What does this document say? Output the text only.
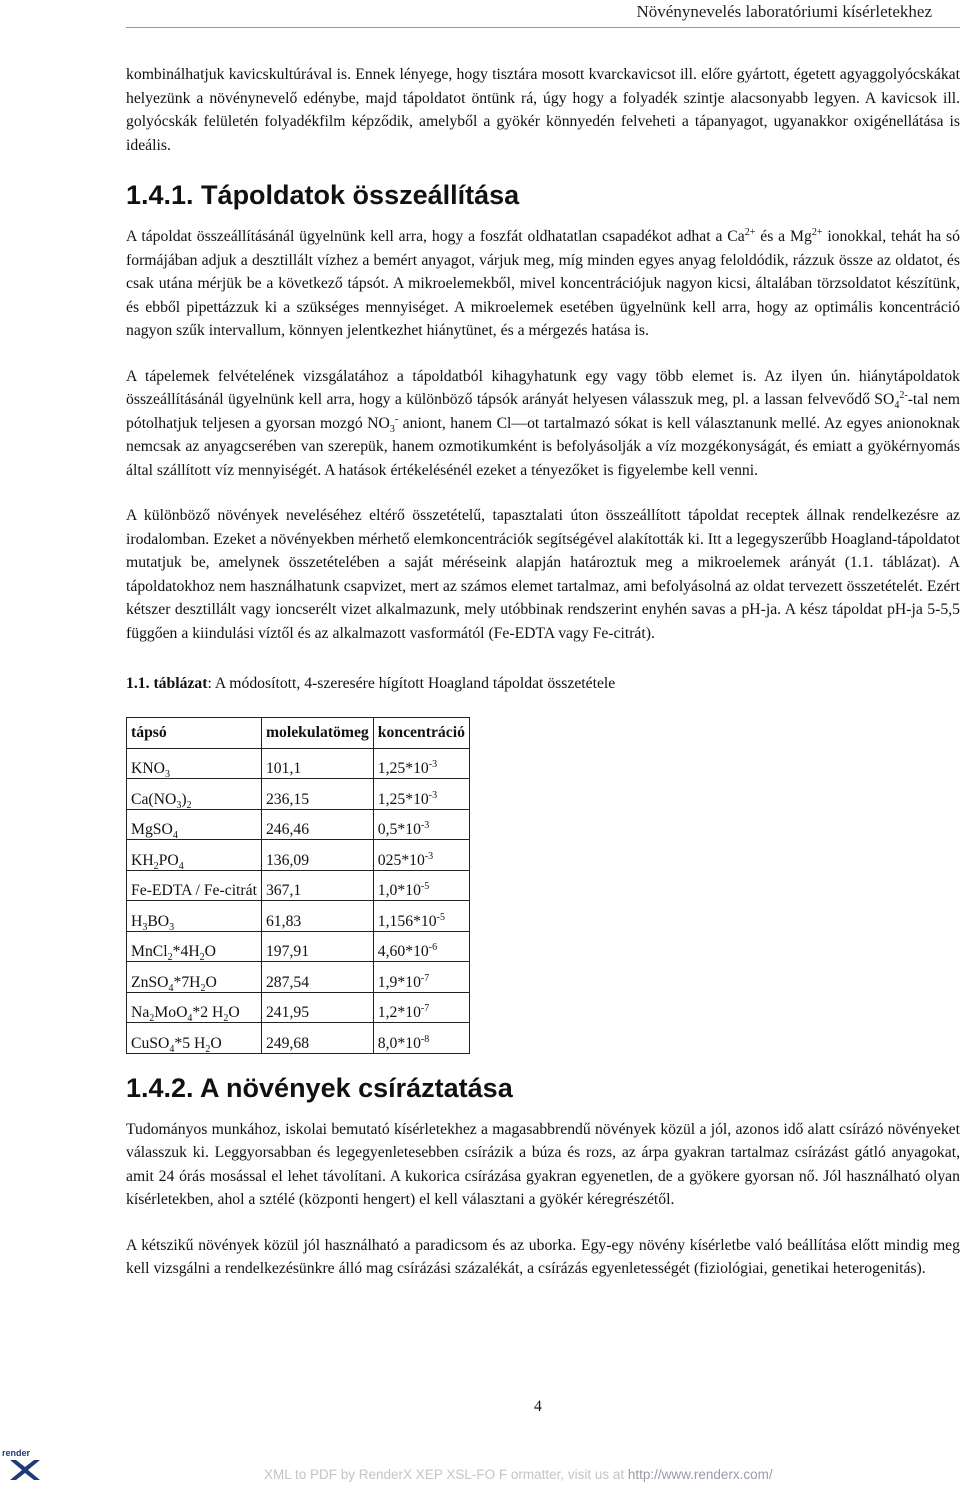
Növénynevelés laboratóriumi kísérletekhez

kombinálhatjuk kavicskultúrával is. Ennek lényege, hogy tisztára mosott kvarckavicsot ill. előre gyártott, égetett agyaggolyócskákat helyezünk a növénynevelő edénybe, majd tápoldatot öntünk rá, úgy hogy a folyadék szintje alacsonyabb legyen. A kavicsok ill. golyócskák felületén folyadékfilm képződik, amelyből a gyökér könnyedén felveheti a tápanyagot, ugyanakkor oxigénellátása is ideális.

1.4.1. Tápoldatok összeállítása

A tápoldat összeállításánál ügyelnünk kell arra, hogy a foszfát oldhatatlan csapadékot adhat a $Ca^{2+}$ és a $Mg^{2+}$ ionokkal, tehát ha só formájában adjuk a desztillált vízhez a bemért anyagot, várjuk meg, míg minden egyes anyag feloldódik, rázzuk össze az oldatot, és csak utána mérjük be a következő tápsót. A mikroelemekből, mivel koncentrációjuk nagyon kicsi, általában törzsoldatot készítünk, és ebből pipettázzuk ki a szükséges mennyiséget. A mikroelemek esetében ügyelnünk kell arra, hogy az optimális koncentráció nagyon szűk intervallum, könnyen jelentkezhet hiánytünet, és a mérgezés hatása is.

A tápelemek felvételének vizsgálatához a tápoldatból kihagyhatunk egy vagy több elemet is. Az ilyen ún. hiánytápoldatok összeállításánál ügyelnünk kell arra, hogy a különböző tápsók arányát helyesen válasszuk meg, pl. a lassan felvevődő $SO_4^{2-}$-tal nem pótolhatjuk teljesen a gyorsan mozgó $NO_3^-$ aniont, hanem Cl―ot tartalmazó sókat is kell választanunk mellé. Az egyes anionoknak nemcsak az anyagcserében van szerepük, hanem ozmotikumként is befolyásolják a víz mozgékonyságát, és emiatt a gyökérnyomás által szállított víz mennyiségét. A hatások értékelésénél ezeket a tényezőket is figyelembe kell venni.

A különböző növények neveléséhez eltérő összetételű, tapasztalati úton összeállított tápoldat receptek állnak rendelkezésre az irodalomban. Ezeket a növényekben mérhető elemkoncentrációk segítségével alakították ki. Itt a legegyszerűbb Hoagland-tápoldatot mutatjuk be, amelynek összetételében a saját méréseink alapján határoztuk meg a mikroelemek arányát (1.1. táblázat). A tápoldatokhoz nem használhatunk csapvizet, mert az számos elemet tartalmaz, ami befolyásolná az oldat tervezett összetételét. Ezért kétszer desztillált vagy ioncserélt vizet alkalmazunk, mely utóbbinak rendszerint enyhén savas a pH-ja. A kész tápoldat pH-ja 5-5,5 függően a kiindulási víztől és az alkalmazott vasformától (Fe-EDTA vagy Fe-citrát).

1.1. táblázat: A módosított, 4-szeresére hígított Hoagland tápoldat összetétele
tápsó	molekulatömeg	koncentráció
$KNO_3$	101,1	$1,25*10^{-3}$
$Ca(NO_3)_2$	236,15	$1,25*10^{-3}$
MgSO$_4$	246,46	$0,5*10^{-3}$
$KH_2PO_4$	136,09	$025*10^{-3}$
Fe-EDTA / Fe-citrát	367,1	$1,0*10^{-5}$
$H_3BO_3$	61,83	$1,156*10^{-5}$
$MnCl_2*4H_2O$	197,91	$4,60*10^{-6}$
$ZnSO_4*7H_2O$	287,54	$1,9*10^{-7}$
$Na_2MoO_4*2$ $H_2O$	241,95	$1,2*10^{-7}$
CuSO$_4$*5 $H_2O$	249,68	$8,0*10^{-8}$
1.4.2. A növények csíráztatása

Tudományos munkához, iskolai bemutató kísérletekhez a magasabbrendű növények közül a jól, azonos idő alatt csírázó növényeket válasszuk ki. Leggyorsabban és legegyenletesebben csírázik a búza és rozs, az árpa gyakran tartalmaz csírázást gátló anyagokat, amit 24 órás mosással el lehet távolítani. A kukorica csírázása gyakran egyenetlen, de a gyökere gyorsan nő. Jól használható olyan kísérletekben, ahol a sztélé (központi hengert) el kell választani a gyökér kéregrészétől.

A kétszikű növények közül jól használható a paradicsom és az uborka. Egy-egy növény kísérletbe való beállítása előtt mindig meg kell vizsgálni a rendelkezésünkre álló mag csírázási százalékát, a csírázás egyenletességét (fiziológiai, genetikai heterogenitás).

4
render
XML to PDF by RenderX XEP XSL-FO F ormatter, visit us at http://www.renderx.com/
